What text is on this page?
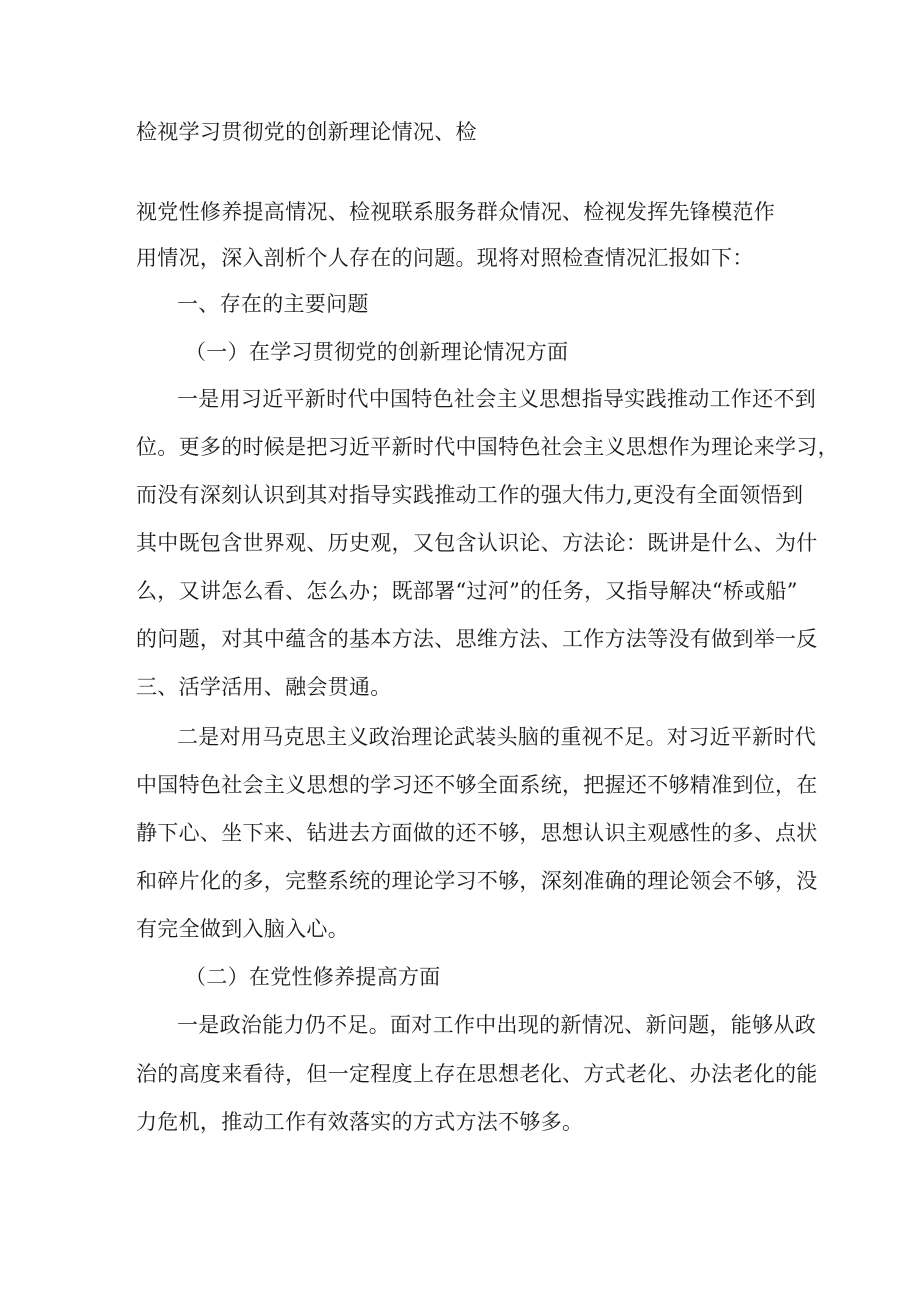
检视学习贯彻党的创新理论情况、检
视党性修养提高情况、检视联系服务群众情况、检视发挥先锋模范作
用情况，深入剖析个人存在的问题。现将对照检查情况汇报如下：
一、存在的主要问题
（一）在学习贯彻党的创新理论情况方面
一是用习近平新时代中国特色社会主义思想指导实践推动工作还不到
位。更多的时候是把习近平新时代中国特色社会主义思想作为理论来学习，
而没有深刻认识到其对指导实践推动工作的强大伟力,更没有全面领悟到
其中既包含世界观、历史观，又包含认识论、方法论：既讲是什么、为什
么，又讲怎么看、怎么办；既部署“过河”的任务，又指导解决“桥或船”
的问题，对其中蕴含的基本方法、思维方法、工作方法等没有做到举一反
三、活学活用、融会贯通。
二是对用马克思主义政治理论武装头脑的重视不足。对习近平新时代
中国特色社会主义思想的学习还不够全面系统，把握还不够精准到位，在
静下心、坐下来、钻进去方面做的还不够，思想认识主观感性的多、点状
和碎片化的多，完整系统的理论学习不够，深刻准确的理论领会不够，没
有完全做到入脑入心。
（二）在党性修养提高方面
一是政治能力仍不足。面对工作中出现的新情况、新问题，能够从政
治的高度来看待，但一定程度上存在思想老化、方式老化、办法老化的能
力危机，推动工作有效落实的方式方法不够多。
